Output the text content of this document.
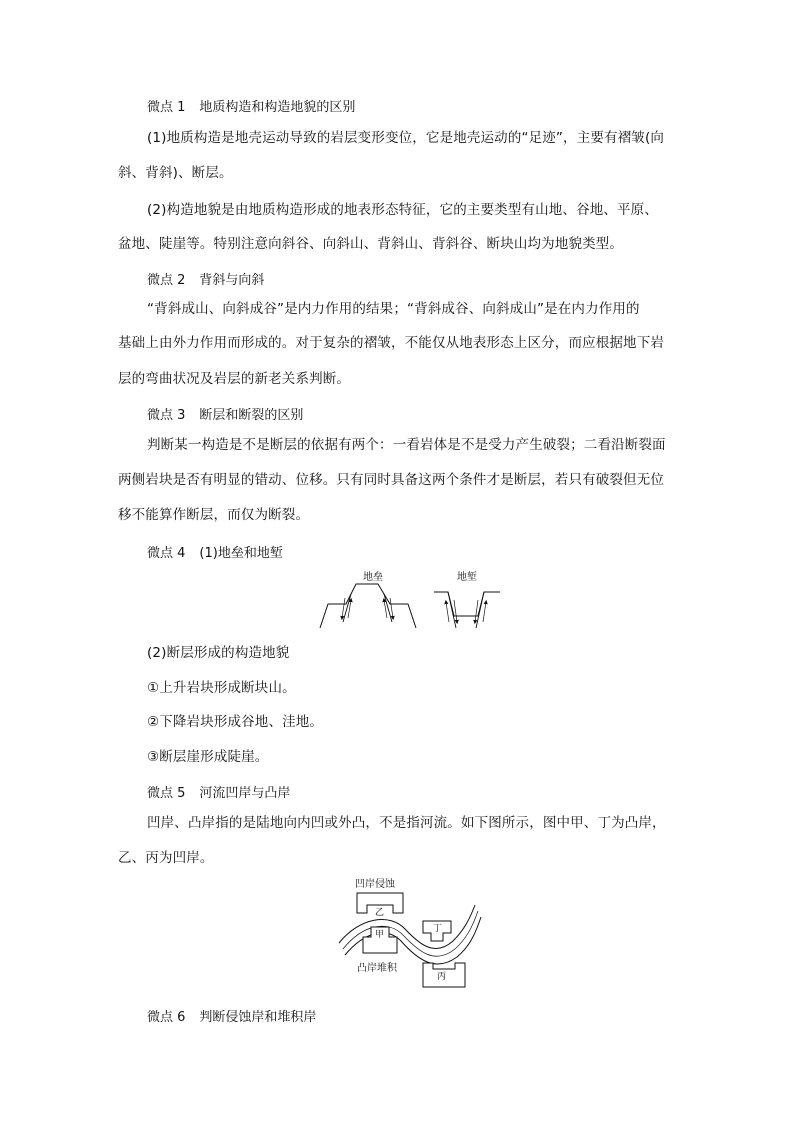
微点 1 地质构造和构造地貌的区别
(1)地质构造是地壳运动导致的岩层变形变位，它是地壳运动的“足迹”，主要有褶皱(向
斜、背斜)、断层。
(2)构造地貌是由地质构造形成的地表形态特征，它的主要类型有山地、谷地、平原、
盆地、陡崖等。特别注意向斜谷、向斜山、背斜山、背斜谷、断块山均为地貌类型。
微点 2 背斜与向斜
“背斜成山、向斜成谷”是内力作用的结果；“背斜成谷、向斜成山”是在内力作用的
基础上由外力作用而形成的。对于复杂的褶皱，不能仅从地表形态上区分，而应根据地下岩
层的弯曲状况及岩层的新老关系判断。
微点 3 断层和断裂的区别
判断某一构造是不是断层的依据有两个：一看岩体是不是受力产生破裂；二看沿断裂面
两侧岩块是否有明显的错动、位移。只有同时具备这两个条件才是断层，若只有破裂但无位
移不能算作断层，而仅为断裂。
微点 4 (1)地垒和地堑
地垒	地堑
(2)断层形成的构造地貌
①上升岩块形成断块山。
②下降岩块形成谷地、洼地。
③断层崖形成陡崖。
微点 5 河流凹岸与凸岸
凹岸、凸岸指的是陆地向内凹或外凸，不是指河流。如下图所示，图中甲、丁为凸岸，
乙、丙为凹岸。
凹岸侵蚀
乙
甲
丁
丙
凸岸堆积
微点 6 判断侵蚀岸和堆积岸
